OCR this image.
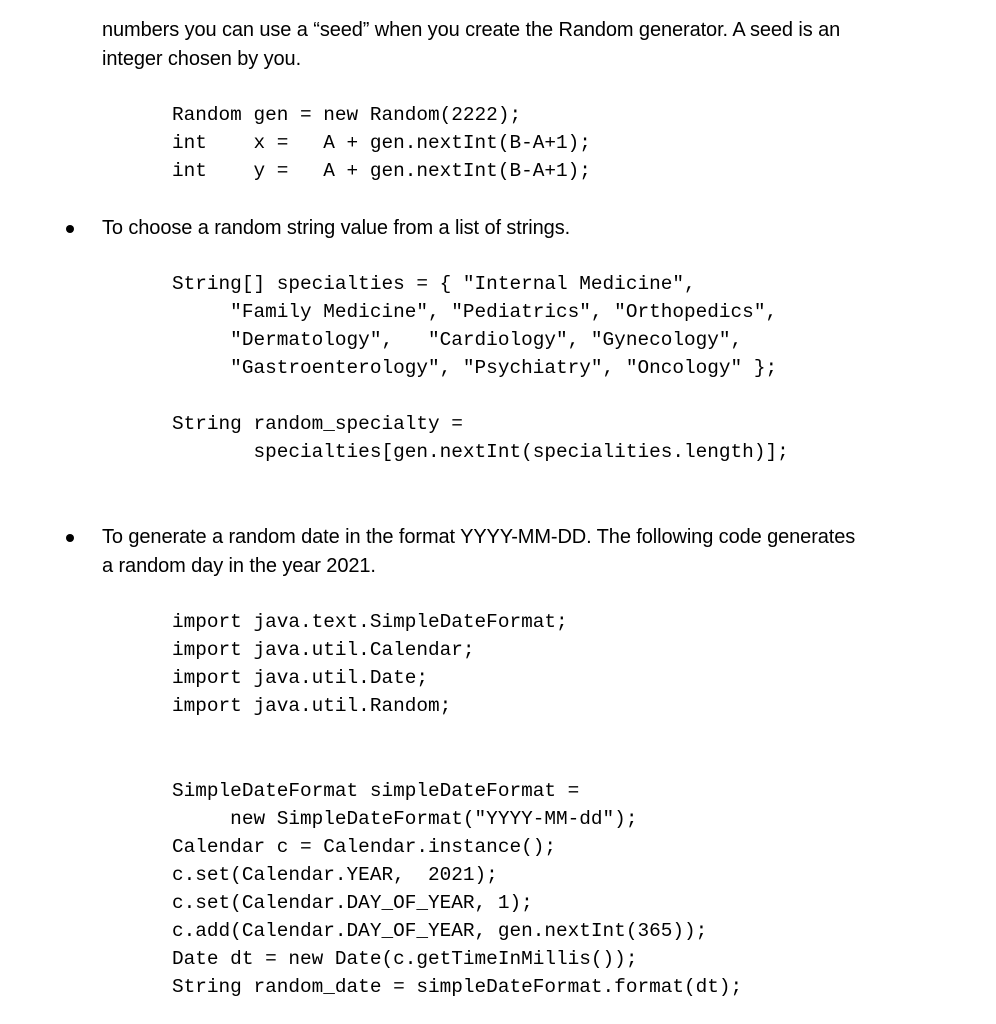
numbers you can use a “seed” when you create the Random generator. A seed is an
integer chosen by you.
Random gen = new Random(2222);
int    x =   A + gen.nextInt(B-A+1);
int    y =   A + gen.nextInt(B-A+1);
To choose a random string value from a list of strings.
String[] specialties = { "Internal Medicine",
"Family Medicine", "Pediatrics", "Orthopedics",
"Dermatology",   "Cardiology", "Gynecology",
"Gastroenterology", "Psychiatry", "Oncology" };
String random_specialty =
specialties[gen.nextInt(specialities.length)];
To generate a random date in the format YYYY-MM-DD. The following code generates
a random day in the year 2021.
import java.text.SimpleDateFormat;
import java.util.Calendar;
import java.util.Date;
import java.util.Random;
SimpleDateFormat simpleDateFormat =
new SimpleDateFormat("YYYY-MM-dd");
Calendar c = Calendar.instance();
c.set(Calendar.YEAR,  2021);
c.set(Calendar.DAY_OF_YEAR, 1);
c.add(Calendar.DAY_OF_YEAR, gen.nextInt(365));
Date dt = new Date(c.getTimeInMillis());
String random_date = simpleDateFormat.format(dt);
